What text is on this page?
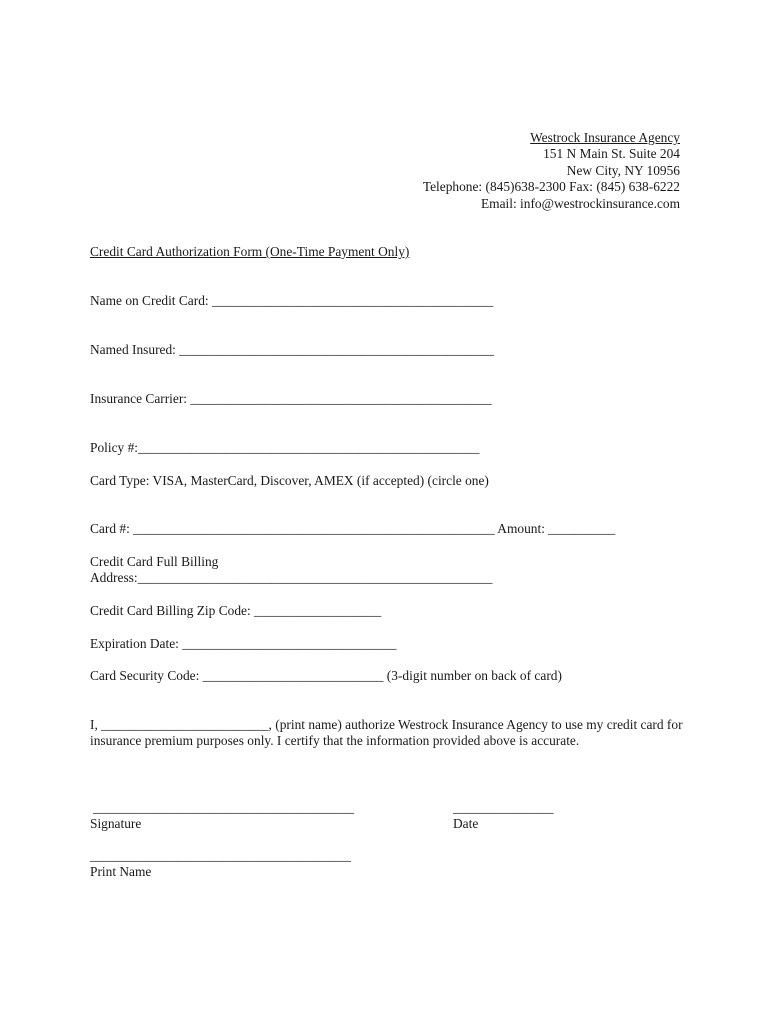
Westrock Insurance Agency
151 N Main St. Suite 204
New City, NY 10956
Telephone: (845)638-2300 Fax: (845) 638-6222
Email: info@westrockinsurance.com
Credit Card Authorization Form (One-Time Payment Only)
Name on Credit Card: __________________________________________
Named Insured: _______________________________________________
Insurance Carrier: _____________________________________________
Policy #:___________________________________________________
Card Type: VISA, MasterCard, Discover, AMEX (if accepted) (circle one)
Card #: ______________________________________________________ Amount: __________
Credit Card Full Billing
Address:_____________________________________________________
Credit Card Billing Zip Code: ___________________
Expiration Date: ________________________________
Card Security Code: ___________________________ (3-digit number on back of card)
I, _________________________, (print name) authorize Westrock Insurance Agency to use my credit card for insurance premium purposes only. I certify that the information provided above is accurate.
_______________________________________
Signature
_______________
Date
_______________________________________
Print Name
